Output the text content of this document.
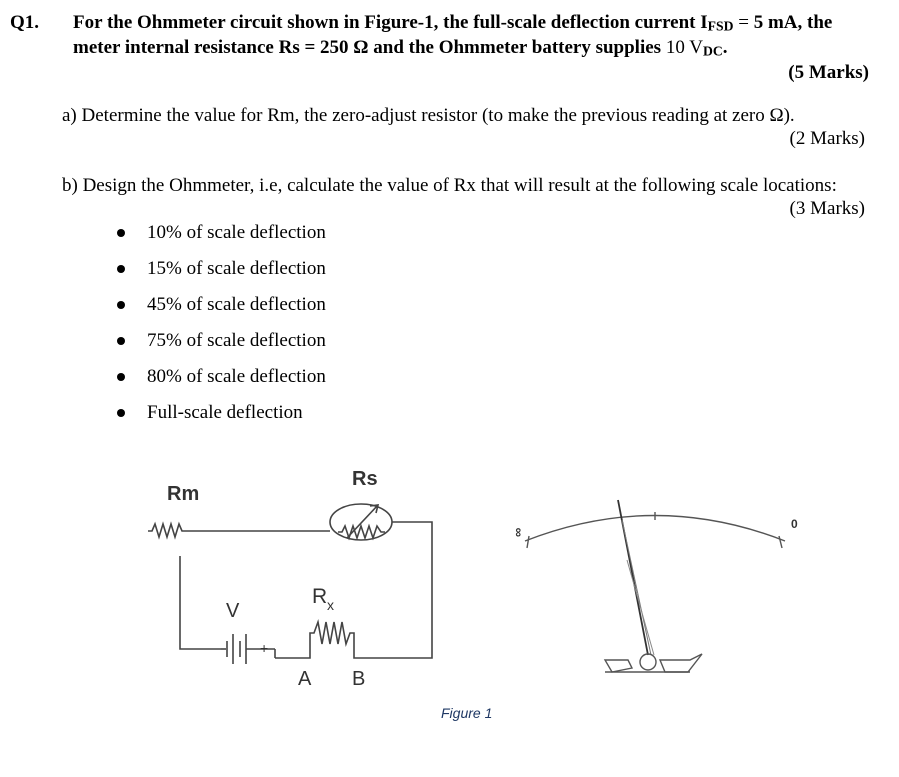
Q1. For the Ohmmeter circuit shown in Figure-1, the full-scale deflection current $I_{FSD} = 5$ mA, the
meter internal resistance Rs = 250 Ω and the Ohmmeter battery supplies 10 $V_{DC}$.
(5 Marks)
a) Determine the value for Rm, the zero-adjust resistor (to make the previous reading at zero Ω).
(2 Marks)
b) Design the Ohmmeter, i.e, calculate the value of Rx that will result at the following scale locations:
(3 Marks)
10% of scale deflection
15% of scale deflection
45% of scale deflection
75% of scale deflection
80% of scale deflection
Full-scale deflection
Rm
Rs
R x
V
+
A B
∞
0
Figure 1
